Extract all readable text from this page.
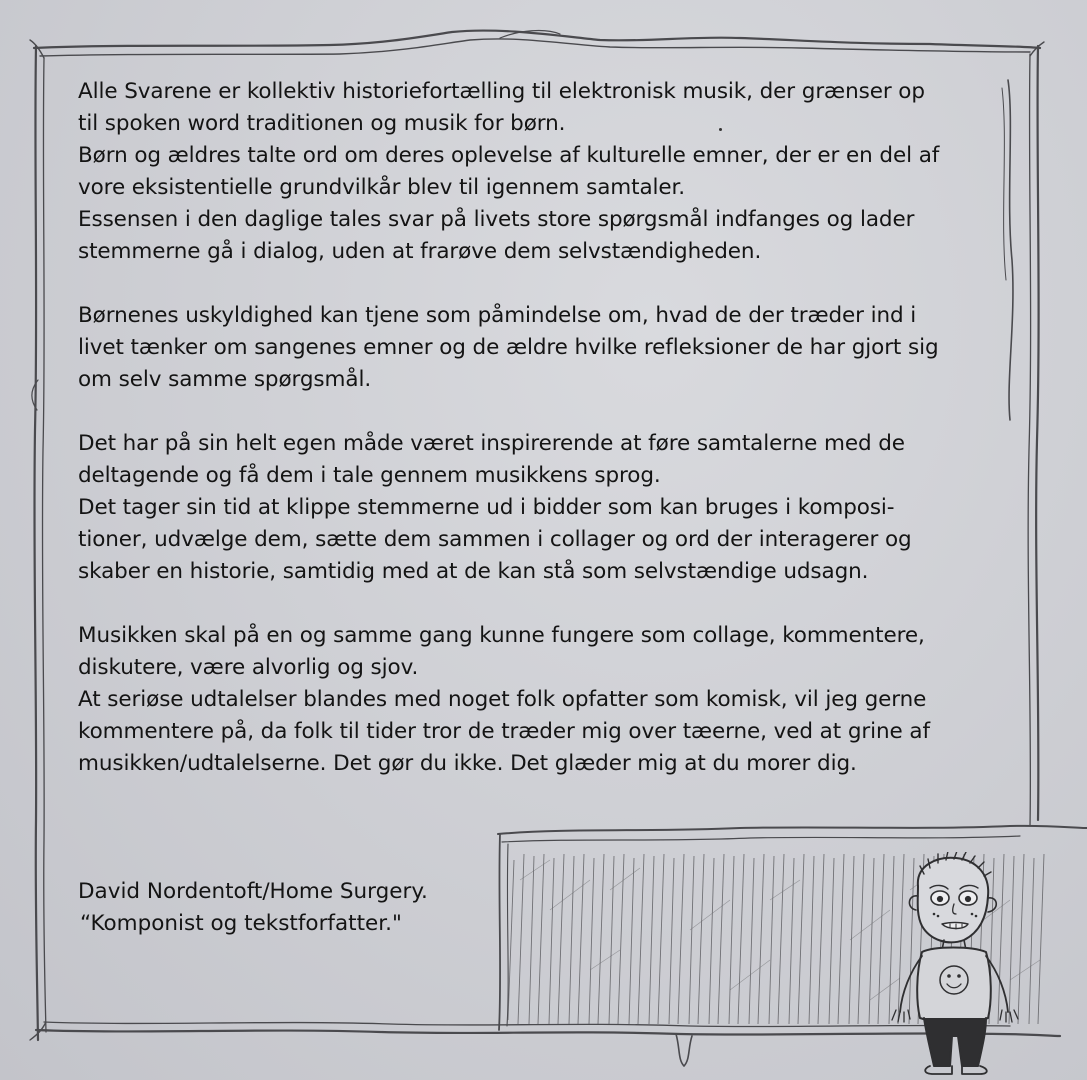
Alle Svarene er kollektiv historiefortælling til elektronisk musik, der grænser op
til spoken word traditionen og musik for børn.
Børn og ældres talte ord om deres oplevelse af kulturelle emner, der er en del af
vore eksistentielle grundvilkår blev til igennem samtaler.
Essensen i den daglige tales svar på livets store spørgsmål indfanges og lader
stemmerne gå i dialog, uden at frarøve dem selvstændigheden.

Børnenes uskyldighed kan tjene som påmindelse om, hvad de der træder ind i
livet tænker om sangenes emner og de ældre hvilke refleksioner de har gjort sig
om selv samme spørgsmål.

Det har på sin helt egen måde været inspirerende at føre samtalerne med de
deltagende og få dem i tale gennem musikkens sprog.
Det tager sin tid at klippe stemmerne ud i bidder som kan bruges i komposi-
tioner, udvælge dem, sætte dem sammen i collager og ord der interagerer og
skaber en historie, samtidig med at de kan stå som selvstændige udsagn.

Musikken skal på en og samme gang kunne fungere som collage, kommentere,
diskutere, være alvorlig og sjov.
At seriøse udtalelser blandes med noget folk opfatter som komisk, vil jeg gerne
kommentere på, da folk til tider tror de træder mig over tæerne, ved at grine af
musikken/udtalelserne. Det gør du ikke. Det glæder mig at du morer dig.

David Nordentoft/Home Surgery.

“Komponist og tekstforfatter."
